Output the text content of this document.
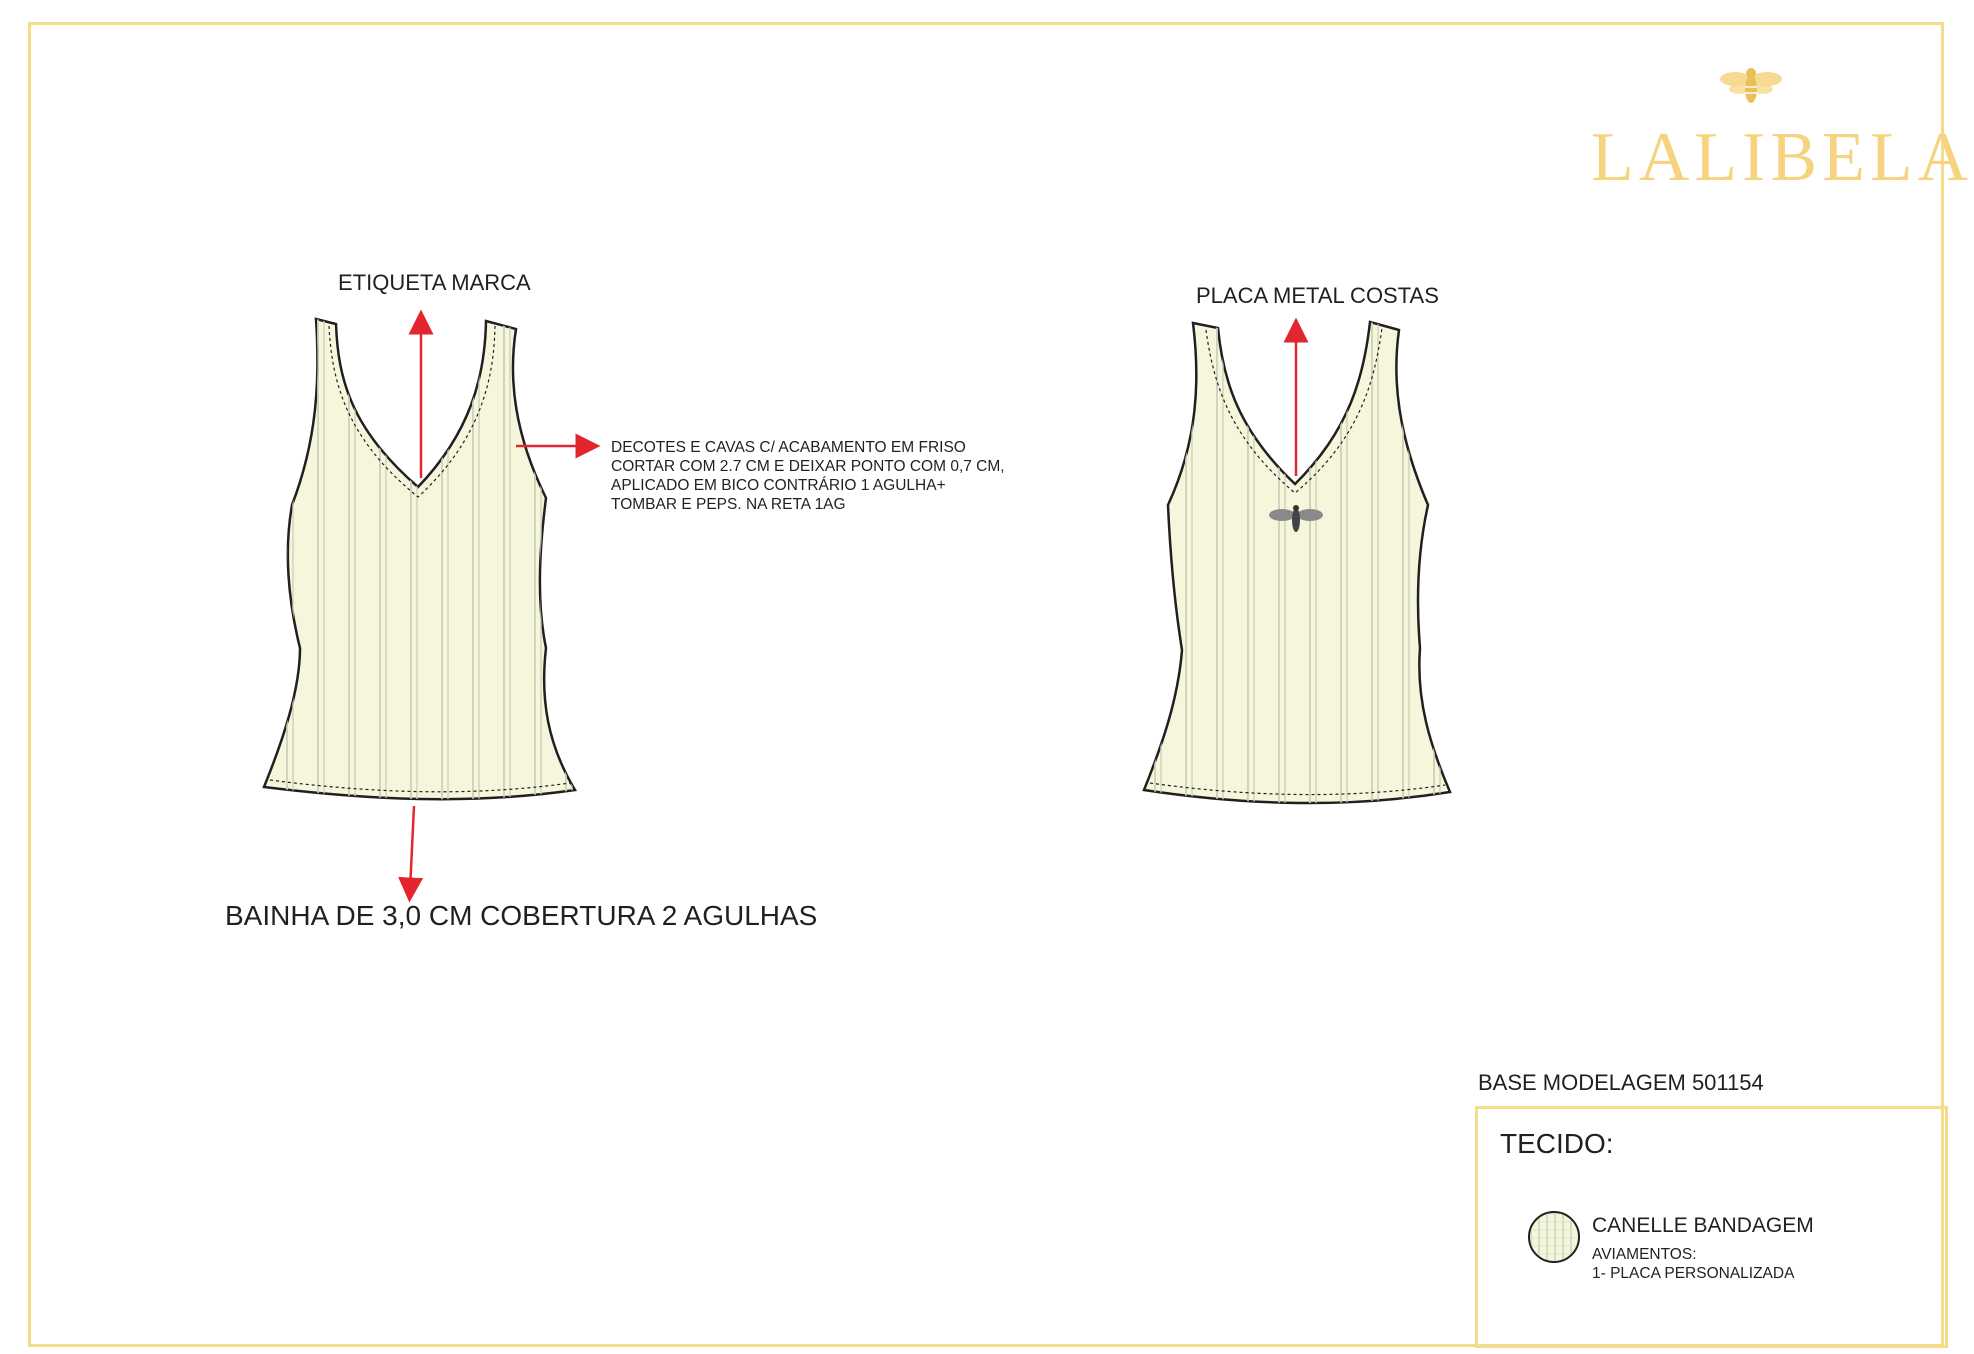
LALIBELA
ETIQUETA MARCA
PLACA METAL COSTAS
BAINHA DE 3,0 CM COBERTURA 2 AGULHAS
DECOTES E CAVAS C/ ACABAMENTO EM FRISO
CORTAR COM 2.7 CM E DEIXAR PONTO COM 0,7 CM,
APLICADO EM BICO CONTRÁRIO 1 AGULHA+
TOMBAR E PEPS. NA RETA 1AG
BASE MODELAGEM 501154
TECIDO:
CANELLE BANDAGEM
AVIAMENTOS:
1- PLACA PERSONALIZADA
